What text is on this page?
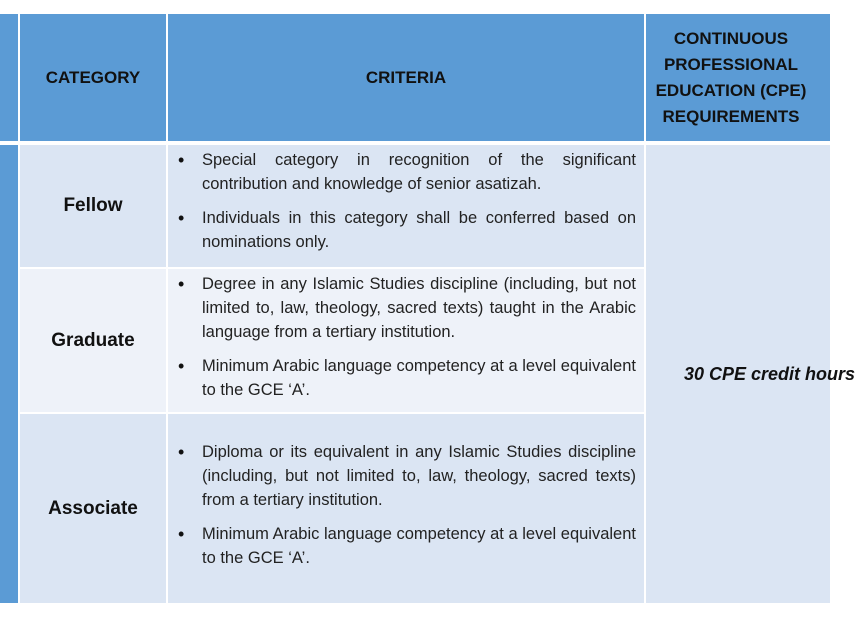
CATEGORY	CRITERIA
CONTINUOUS
PROFESSIONAL
EDUCATION (CPE)
REQUIREMENTS
Fellow
• Special category in recognition of the significant contribution and knowledge of senior asatizah.
• Individuals in this category shall be conferred based on nominations only.
Graduate
• Degree in any Islamic Studies discipline (including, but not limited to, law, theology, sacred texts) taught in the Arabic language from a tertiary institution.
• Minimum Arabic language competency at a level equivalent to the GCE ‘A’.
Associate
• Diploma or its equivalent in any Islamic Studies discipline (including, but not limited to, law, theology, sacred texts) from a tertiary institution.
• Minimum Arabic language competency at a level equivalent to the GCE ‘A’.
30 CPE credit hours
